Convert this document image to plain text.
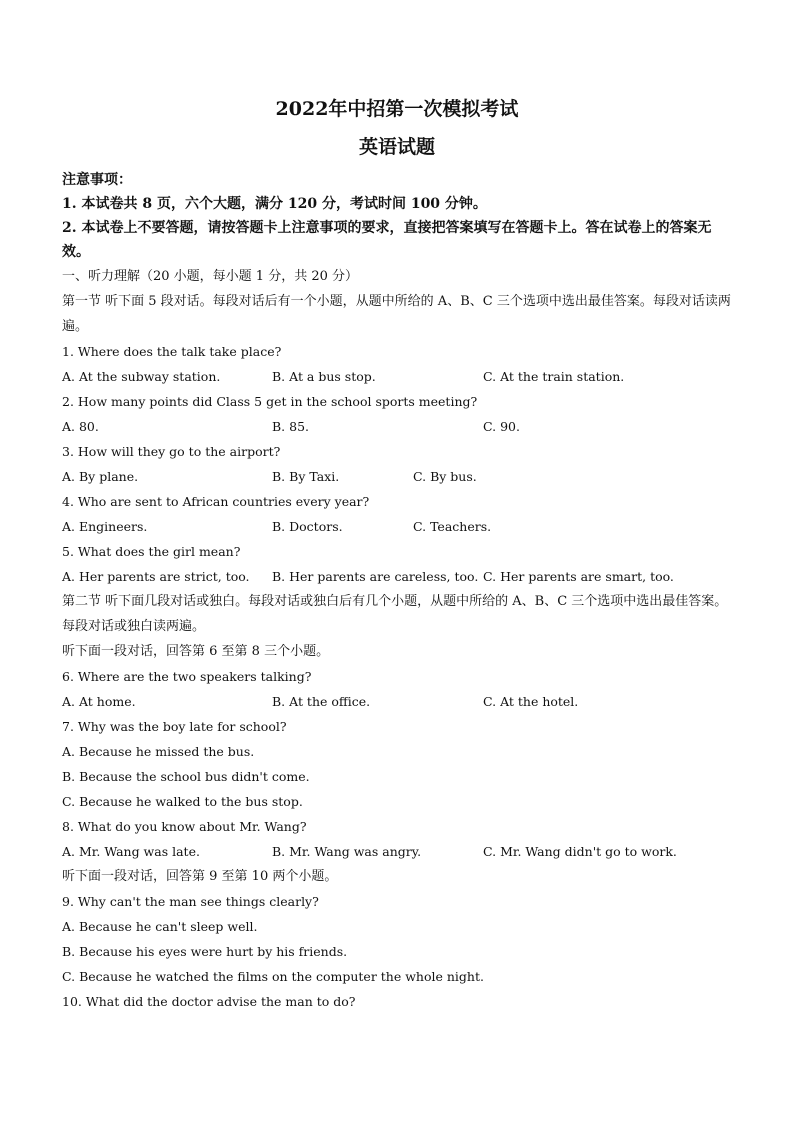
2022年中招第一次模拟考试
英语试题
注意事项：
1. 本试卷共 8 页，六个大题，满分 120 分，考试时间 100 分钟。
2. 本试卷上不要答题，请按答题卡上注意事项的要求，直接把答案填写在答题卡上。答在试卷上的答案无效。
一、听力理解（20 小题，每小题 1 分，共 20 分）
第一节 听下面 5 段对话。每段对话后有一个小题，从题中所给的 A、B、C 三个选项中选出最佳答案。每段对话读两遍。
1. Where does the talk take place?
A. At the subway station.	B. At a bus stop.	C. At the train station.
2. How many points did Class 5 get in the school sports meeting?
A. 80.	B. 85.	C. 90.
3. How will they go to the airport?
A. By plane.	B. By Taxi.	C. By bus.
4. Who are sent to African countries every year?
A. Engineers.	B. Doctors.	C. Teachers.
5. What does the girl mean?
A. Her parents are strict, too.	B. Her parents are careless, too. C. Her parents are smart, too.
第二节 听下面几段对话或独白。每段对话或独白后有几个小题，从题中所给的 A、B、C 三个选项中选出最佳答案。每段对话或独白读两遍。
听下面一段对话，回答第 6 至第 8 三个小题。
6. Where are the two speakers talking?
A. At home.	B. At the office.	C. At the hotel.
7. Why was the boy late for school?
A. Because he missed the bus.
B. Because the school bus didn't come.
C. Because he walked to the bus stop.
8. What do you know about Mr. Wang?
A. Mr. Wang was late.	B. Mr. Wang was angry.	C. Mr. Wang didn't go to work.
听下面一段对话，回答第 9 至第 10 两个小题。
9. Why can't the man see things clearly?
A. Because he can't sleep well.
B. Because his eyes were hurt by his friends.
C. Because he watched the films on the computer the whole night.
10. What did the doctor advise the man to do?
